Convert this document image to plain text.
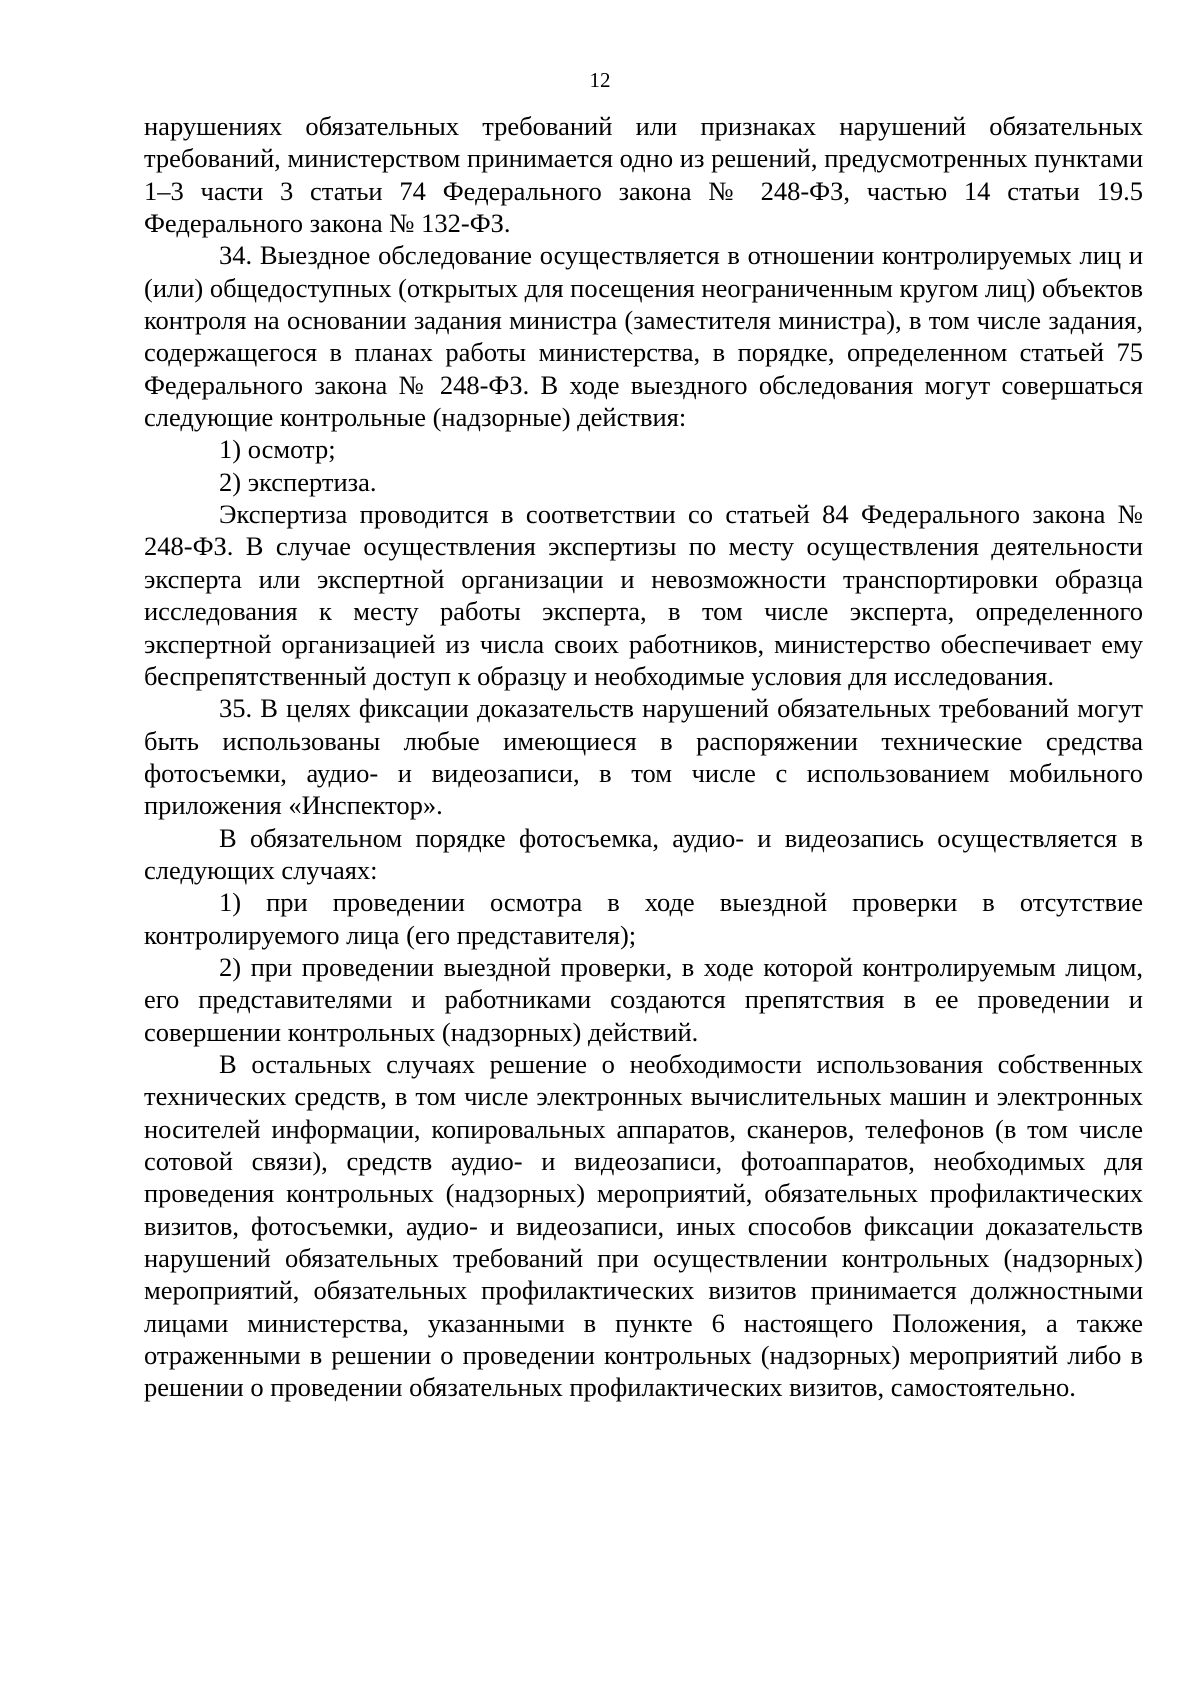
12

нарушениях обязательных требований или признаках нарушений обязательных требований, министерством принимается одно из решений, предусмотренных пунктами 1–3 части 3 статьи 74 Федерального закона № 248-ФЗ, частью 14 статьи 19.5 Федерального закона № 132-ФЗ.

34. Выездное обследование осуществляется в отношении контролируемых лиц и (или) общедоступных (открытых для посещения неограниченным кругом лиц) объектов контроля на основании задания министра (заместителя министра), в том числе задания, содержащегося в планах работы министерства, в порядке, определенном статьей 75 Федерального закона № 248-ФЗ. В ходе выездного обследования могут совершаться следующие контрольные (надзорные) действия:

1) осмотр;

2) экспертиза.

Экспертиза проводится в соответствии со статьей 84 Федерального закона № 248-ФЗ. В случае осуществления экспертизы по месту осуществления деятельности эксперта или экспертной организации и невозможности транспортировки образца исследования к месту работы эксперта, в том числе эксперта, определенного экспертной организацией из числа своих работников, министерство обеспечивает ему беспрепятственный доступ к образцу и необходимые условия для исследования.

35. В целях фиксации доказательств нарушений обязательных требований могут быть использованы любые имеющиеся в распоряжении технические средства фотосъемки, аудио- и видеозаписи, в том числе с использованием мобильного приложения «Инспектор».

В обязательном порядке фотосъемка, аудио- и видеозапись осуществляется в следующих случаях:

1) при проведении осмотра в ходе выездной проверки в отсутствие контролируемого лица (его представителя);

2) при проведении выездной проверки, в ходе которой контролируемым лицом, его представителями и работниками создаются препятствия в ее проведении и совершении контрольных (надзорных) действий.

В остальных случаях решение о необходимости использования собственных технических средств, в том числе электронных вычислительных машин и электронных носителей информации, копировальных аппаратов, сканеров, телефонов (в том числе сотовой связи), средств аудио- и видеозаписи, фотоаппаратов, необходимых для проведения контрольных (надзорных) мероприятий, обязательных профилактических визитов, фотосъемки, аудио- и видеозаписи, иных способов фиксации доказательств нарушений обязательных требований при осуществлении контрольных (надзорных) мероприятий, обязательных профилактических визитов принимается должностными лицами министерства, указанными в пункте 6 настоящего Положения, а также отраженными в решении о проведении контрольных (надзорных) мероприятий либо в решении о проведении обязательных профилактических визитов, самостоятельно.
